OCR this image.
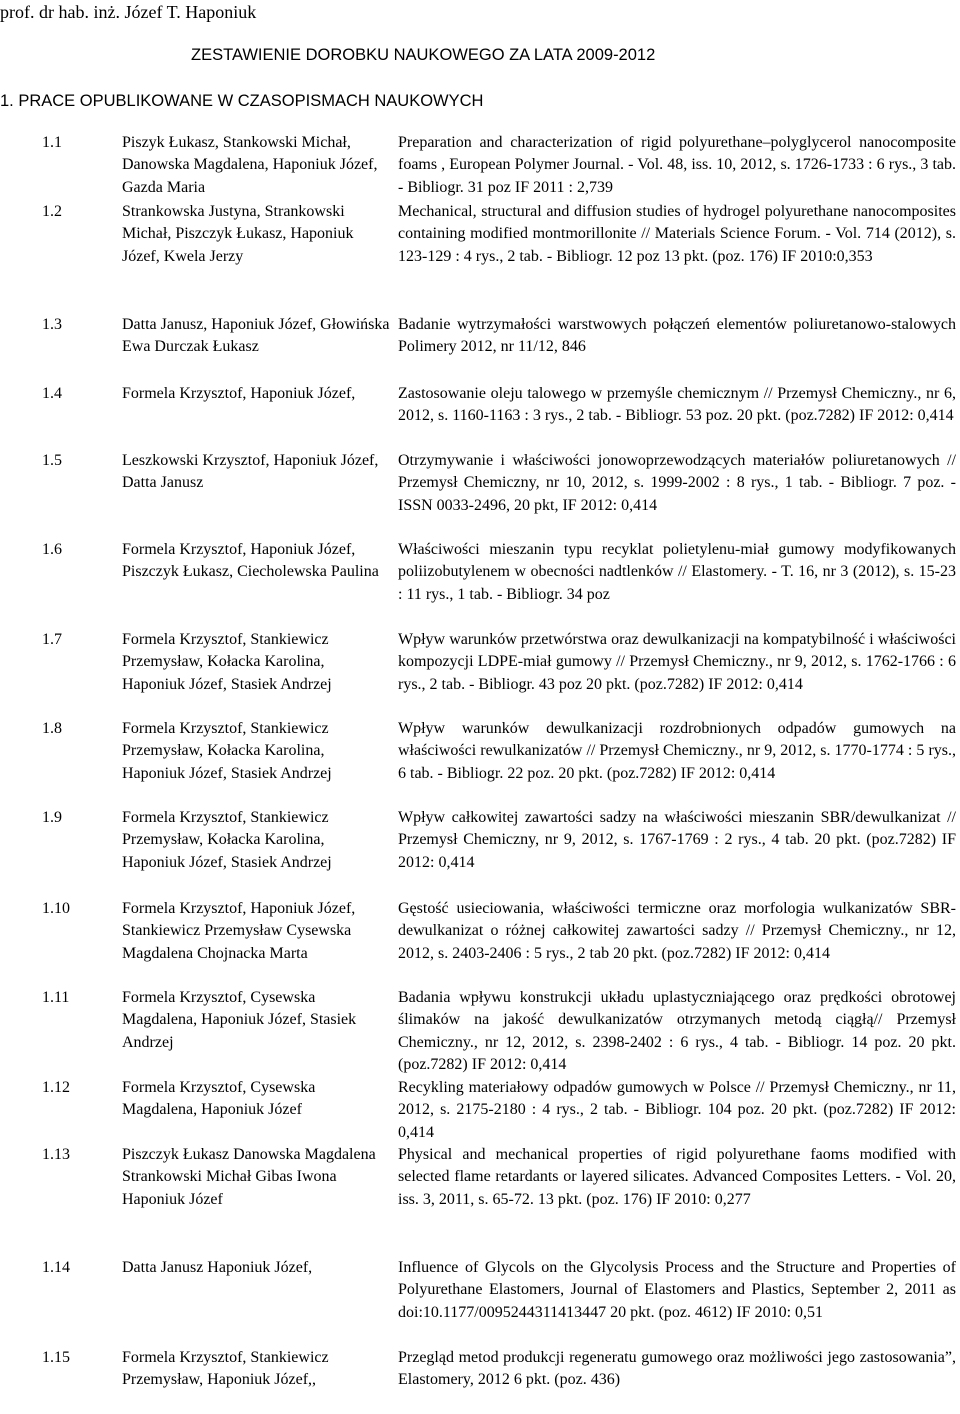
prof. dr hab. inż. Józef T. Haponiuk
ZESTAWIENIE DOROBKU NAUKOWEGO ZA LATA 2009-2012
1. PRACE OPUBLIKOWANE W CZASOPISMACH NAUKOWYCH
1.1	Piszyk Łukasz, Stankowski Michał, Danowska Magdalena, Haponiuk Józef, Gazda Maria
Preparation and characterization of rigid polyurethane–polyglycerol nanocomposite foams , European Polymer Journal. - Vol. 48, iss. 10, 2012, s. 1726-1733 : 6 rys., 3 tab. - Bibliogr. 31 poz IF 2011 : 2,739
1.2	Strankowska Justyna, Strankowski Michał, Piszczyk Łukasz, Haponiuk Józef, Kwela Jerzy
Mechanical, structural and diffusion studies of hydrogel polyurethane nanocomposites containing modified montmorillonite // Materials Science Forum. - Vol. 714 (2012), s. 123-129 : 4 rys., 2 tab. - Bibliogr. 12 poz 13 pkt. (poz. 176) IF 2010:0,353
1.3	Datta Janusz, Haponiuk Józef, Głowińska Ewa Durczak Łukasz
Badanie wytrzymałości warstwowych połączeń elementów poliuretanowo-stalowych Polimery 2012, nr 11/12, 846
1.4	Formela Krzysztof, Haponiuk Józef,	Zastosowanie oleju talowego w przemyśle chemicznym // Przemysł Chemiczny., nr 6, 2012, s. 1160-1163 : 3 rys., 2 tab. - Bibliogr. 53 poz. 20 pkt. (poz.7282) IF 2012: 0,414
1.5	Leszkowski Krzysztof, Haponiuk Józef, Datta Janusz
Otrzymywanie i właściwości jonowoprzewodzących materiałów poliuretanowych // Przemysł Chemiczny, nr 10, 2012, s. 1999-2002 : 8 rys., 1 tab. - Bibliogr. 7 poz. - ISSN 0033-2496, 20 pkt, IF 2012: 0,414
1.6	Formela Krzysztof, Haponiuk Józef, Piszczyk Łukasz, Ciecholewska Paulina
Właściwości mieszanin typu recyklat polietylenu-miał gumowy modyfikowanych poliizobutylenem w obecności nadtlenków // Elastomery. - T. 16, nr 3 (2012), s. 15-23 : 11 rys., 1 tab. - Bibliogr. 34 poz
1.7	Formela Krzysztof, Stankiewicz Przemysław, Kołacka Karolina, Haponiuk Józef, Stasiek Andrzej
Wpływ warunków przetwórstwa oraz dewulkanizacji na kompatybilność i właściwości kompozycji LDPE-miał gumowy // Przemysł Chemiczny., nr 9, 2012, s. 1762-1766 : 6 rys., 2 tab. - Bibliogr. 43 poz 20 pkt. (poz.7282) IF 2012: 0,414
1.8	Formela Krzysztof, Stankiewicz Przemysław, Kołacka Karolina, Haponiuk Józef, Stasiek Andrzej
Wpływ warunków dewulkanizacji rozdrobnionych odpadów gumowych na właściwości rewulkanizatów // Przemysł Chemiczny., nr 9, 2012, s. 1770-1774 : 5 rys., 6 tab. - Bibliogr. 22 poz. 20 pkt. (poz.7282) IF 2012: 0,414
1.9	Formela Krzysztof, Stankiewicz Przemysław, Kołacka Karolina, Haponiuk Józef, Stasiek Andrzej
Wpływ całkowitej zawartości sadzy na właściwości mieszanin SBR/dewulkanizat // Przemysł Chemiczny, nr 9, 2012, s. 1767-1769 : 2 rys., 4 tab. 20 pkt. (poz.7282) IF 2012: 0,414
1.10	Formela Krzysztof, Haponiuk Józef, Stankiewicz Przemysław Cysewska Magdalena Chojnacka Marta
Gęstość usieciowania, właściwości termiczne oraz morfologia wulkanizatów SBR-dewulkanizat o różnej całkowitej zawartości sadzy // Przemysł Chemiczny., nr 12, 2012, s. 2403-2406 : 5 rys., 2 tab 20 pkt. (poz.7282) IF 2012: 0,414
1.11	Formela Krzysztof, Cysewska Magdalena, Haponiuk Józef, Stasiek Andrzej
Badania wpływu konstrukcji układu uplastyczniającego oraz prędkości obrotowej ślimaków na jakość dewulkanizatów otrzymanych metodą ciągłą// Przemysł Chemiczny., nr 12, 2012, s. 2398-2402 : 6 rys., 4 tab. - Bibliogr. 14 poz. 20 pkt. (poz.7282) IF 2012: 0,414
1.12	Formela Krzysztof, Cysewska Magdalena, Haponiuk Józef
Recykling materiałowy odpadów gumowych w Polsce // Przemysł Chemiczny., nr 11, 2012, s. 2175-2180 : 4 rys., 2 tab. - Bibliogr. 104 poz. 20 pkt. (poz.7282) IF 2012: 0,414
1.13	Piszczyk Łukasz Danowska Magdalena Strankowski Michał Gibas Iwona Haponiuk Józef
Physical and mechanical properties of rigid polyurethane faoms modified with selected flame retardants or layered silicates. Advanced Composites Letters. - Vol. 20, iss. 3, 2011, s. 65-72. 13 pkt. (poz. 176) IF 2010: 0,277
1.14	Datta Janusz Haponiuk Józef,	Influence of Glycols on the Glycolysis Process and the Structure and Properties of Polyurethane Elastomers, Journal of Elastomers and Plastics, September 2, 2011 as doi:10.1177/0095244311413447 20 pkt. (poz. 4612) IF 2010: 0,51
1.15	Formela Krzysztof, Stankiewicz Przemysław, Haponiuk Józef,,
Przegląd metod produkcji regeneratu gumowego oraz możliwości jego zastosowania”, Elastomery, 2012 6 pkt. (poz. 436)
